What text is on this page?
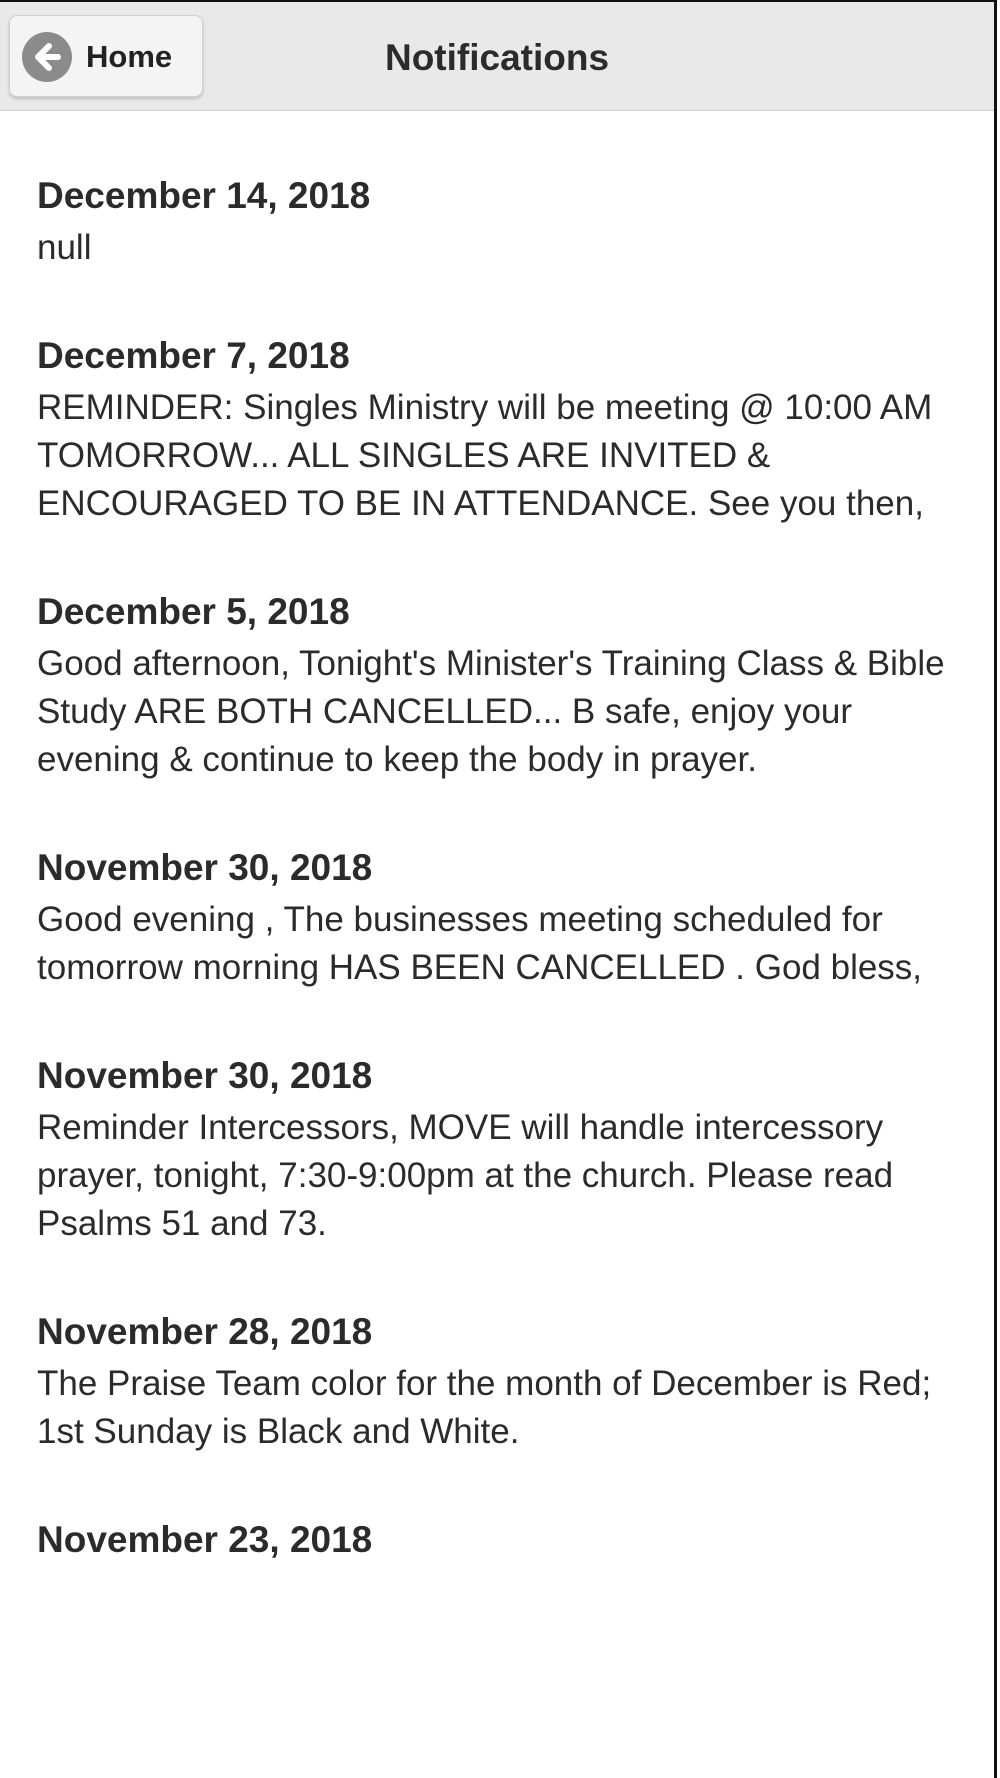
Notifications
Home

December 14, 2018

null

December 7, 2018

REMINDER: Singles Ministry will be meeting @ 10:00 AM TOMORROW... ALL SINGLES ARE INVITED & ENCOURAGED TO BE IN ATTENDANCE. See you then,

December 5, 2018

Good afternoon, Tonight's Minister's Training Class & Bible Study ARE BOTH CANCELLED... B safe, enjoy your evening & continue to keep the body in prayer.

November 30, 2018

Good evening , The businesses meeting scheduled for tomorrow morning HAS BEEN CANCELLED . God bless,

November 30, 2018

Reminder Intercessors, MOVE will handle intercessory prayer, tonight, 7:30-9:00pm at the church. Please read Psalms 51 and 73.

November 28, 2018

The Praise Team color for the month of December is Red; 1st Sunday is Black and White.

November 23, 2018
